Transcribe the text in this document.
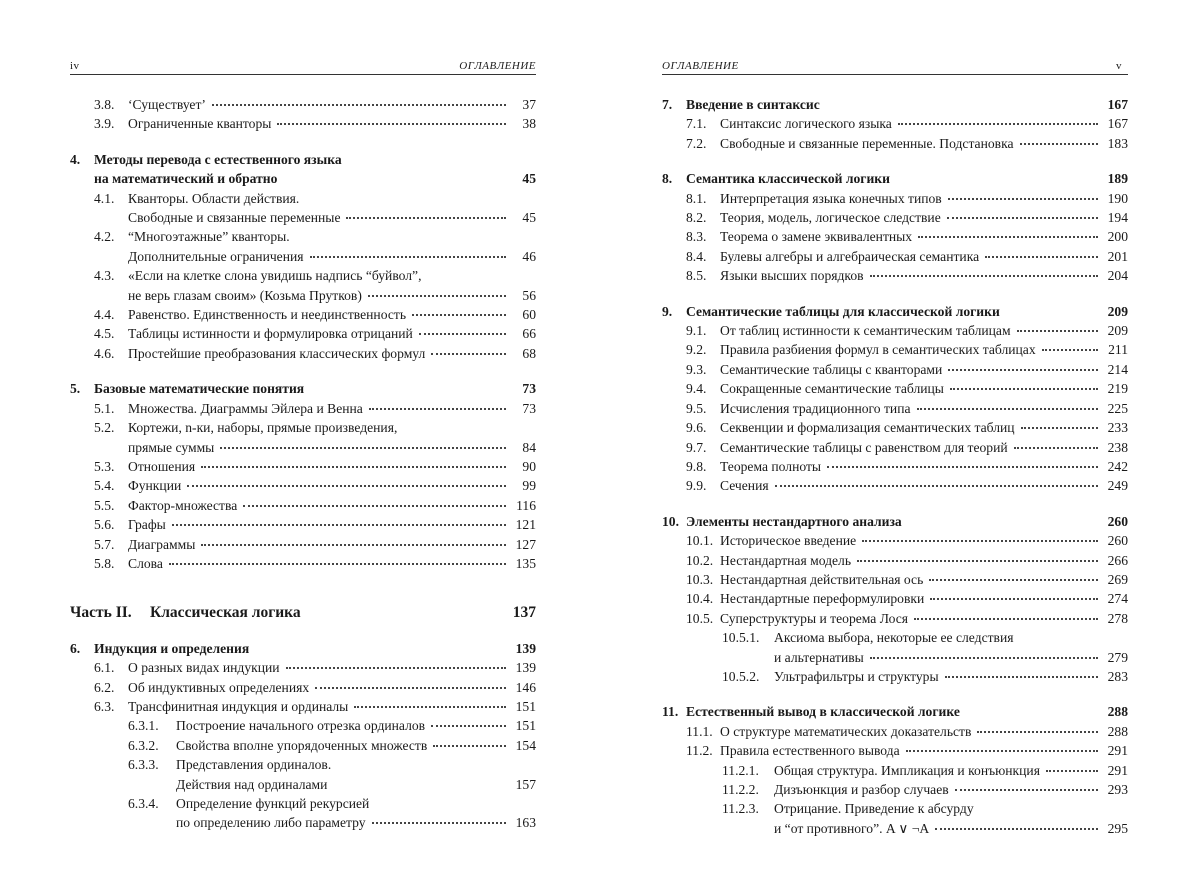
iv	ОГЛАВЛЕНИЕ
3.8.	‘Существует’	37
3.9.	Ограниченные кванторы	38
4.	Методы перевода с естественного языка
на математический и обратно	45
4.1.	Кванторы. Области действия.
Свободные и связанные переменные	45
4.2.	“Многоэтажные” кванторы.
Дополнительные ограничения	46
4.3.	«Если на клетке слона увидишь надпись “буйвол”,
не верь глазам своим» (Козьма Прутков)	56
4.4.	Равенство. Единственность и неединственность	60
4.5.	Таблицы истинности и формулировка отрицаний	66
4.6.	Простейшие преобразования классических формул	68
5.	Базовые математические понятия	73
5.1.	Множества. Диаграммы Эйлера и Венна	73
5.2.	Кортежи, n-ки, наборы, прямые произведения,
прямые суммы	84
5.3.	Отношения	90
5.4.	Функции	99
5.5.	Фактор-множества	116
5.6.	Графы	121
5.7.	Диаграммы	127
5.8.	Слова	135
Часть II.	Классическая логика	137
6.	Индукция и определения	139
6.1.	О разных видах индукции	139
6.2.	Об индуктивных определениях	146
6.3.	Трансфинитная индукция и ординалы	151
6.3.1.	Построение начального отрезка ординалов	151
6.3.2.	Свойства вполне упорядоченных множеств	154
6.3.3.	Представления ординалов.
Действия над ординалами	157
6.3.4.	Определение функций рекурсией
по определению либо параметру	163
ОГЛАВЛЕНИЕ	v
7.	Введение в синтаксис	167
7.1.	Синтаксис логического языка	167
7.2.	Свободные и связанные переменные. Подстановка	183
8.	Семантика классической логики	189
8.1.	Интерпретация языка конечных типов	190
8.2.	Теория, модель, логическое следствие	194
8.3.	Теорема о замене эквивалентных	200
8.4.	Булевы алгебры и алгебраическая семантика	201
8.5.	Языки высших порядков	204
9.	Семантические таблицы для классической логики	209
9.1.	От таблиц истинности к семантическим таблицам	209
9.2.	Правила разбиения формул в семантических таблицах	211
9.3.	Семантические таблицы с кванторами	214
9.4.	Сокращенные семантические таблицы	219
9.5.	Исчисления традиционного типа	225
9.6.	Секвенции и формализация семантических таблиц	233
9.7.	Семантические таблицы с равенством для теорий	238
9.8.	Теорема полноты	242
9.9.	Сечения	249
10. Элементы нестандартного анализа	260
10.1. Историческое введение	260
10.2. Нестандартная модель	266
10.3. Нестандартная действительная ось	269
10.4. Нестандартные переформулировки	274
10.5. Суперструктуры и теорема Лося	278
10.5.1.	Аксиома выбора, некоторые ее следствия
и альтернативы	279
10.5.2.	Ультрафильтры и структуры	283
11. Естественный вывод в классической логике	288
11.1. О структуре математических доказательств	288
11.2. Правила естественного вывода	291
11.2.1.	Общая структура. Импликация и конъюнкция	291
11.2.2.	Дизъюнкция и разбор случаев	293
11.2.3.	Отрицание. Приведение к абсурду
и “от противного”. A ∨ ¬A	295
